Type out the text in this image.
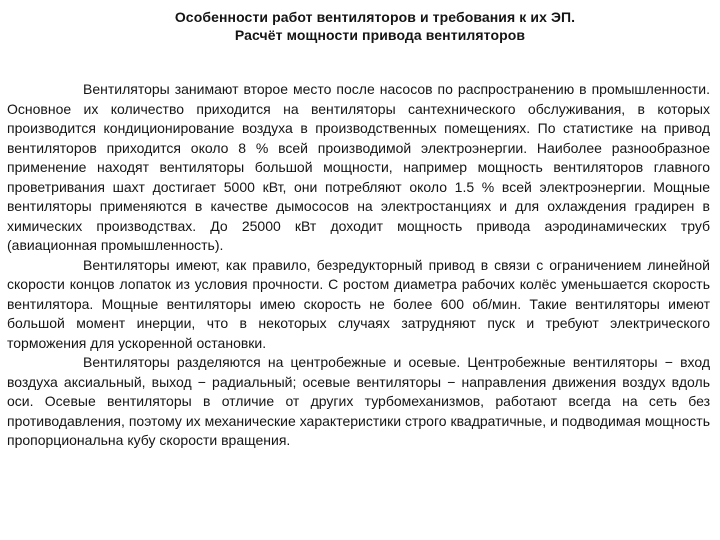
Особенности работ вентиляторов и требования к их ЭП.
Расчёт мощности привода вентиляторов

Вентиляторы занимают второе место после насосов по распространению в промышленности. Основное их количество приходится на вентиляторы сантехнического обслуживания, в которых производится кондиционирование воздуха в производственных помещениях. По статистике на привод вентиляторов приходится около 8 % всей производимой электроэнергии. Наиболее разнообразное применение находят вентиляторы большой мощности, например мощность вентиляторов главного проветривания шахт достигает 5000 кВт, они потребляют около 1.5 % всей электроэнергии. Мощные вентиляторы применяются в качестве дымососов на электростанциях и для охлаждения градирен в химических производствах. До 25000 кВт доходит мощность привода аэродинамических труб (авиационная промышленность).

Вентиляторы имеют, как правило, безредукторный привод в связи с ограничением линейной скорости концов лопаток из условия прочности. С ростом диаметра рабочих колёс уменьшается скорость вентилятора. Мощные вентиляторы имею скорость не более 600 об/мин. Такие вентиляторы имеют большой момент инерции, что в некоторых случаях затрудняют пуск и требуют электрического торможения для ускоренной остановки.

Вентиляторы разделяются на центробежные и осевые. Центробежные вентиляторы − вход воздуха аксиальный, выход − радиальный; осевые вентиляторы − направления движения воздух вдоль оси. Осевые вентиляторы в отличие от других турбомеханизмов, работают всегда на сеть без противодавления, поэтому их механические характеристики строго квадратичные, и подводимая мощность пропорциональна кубу скорости вращения.
